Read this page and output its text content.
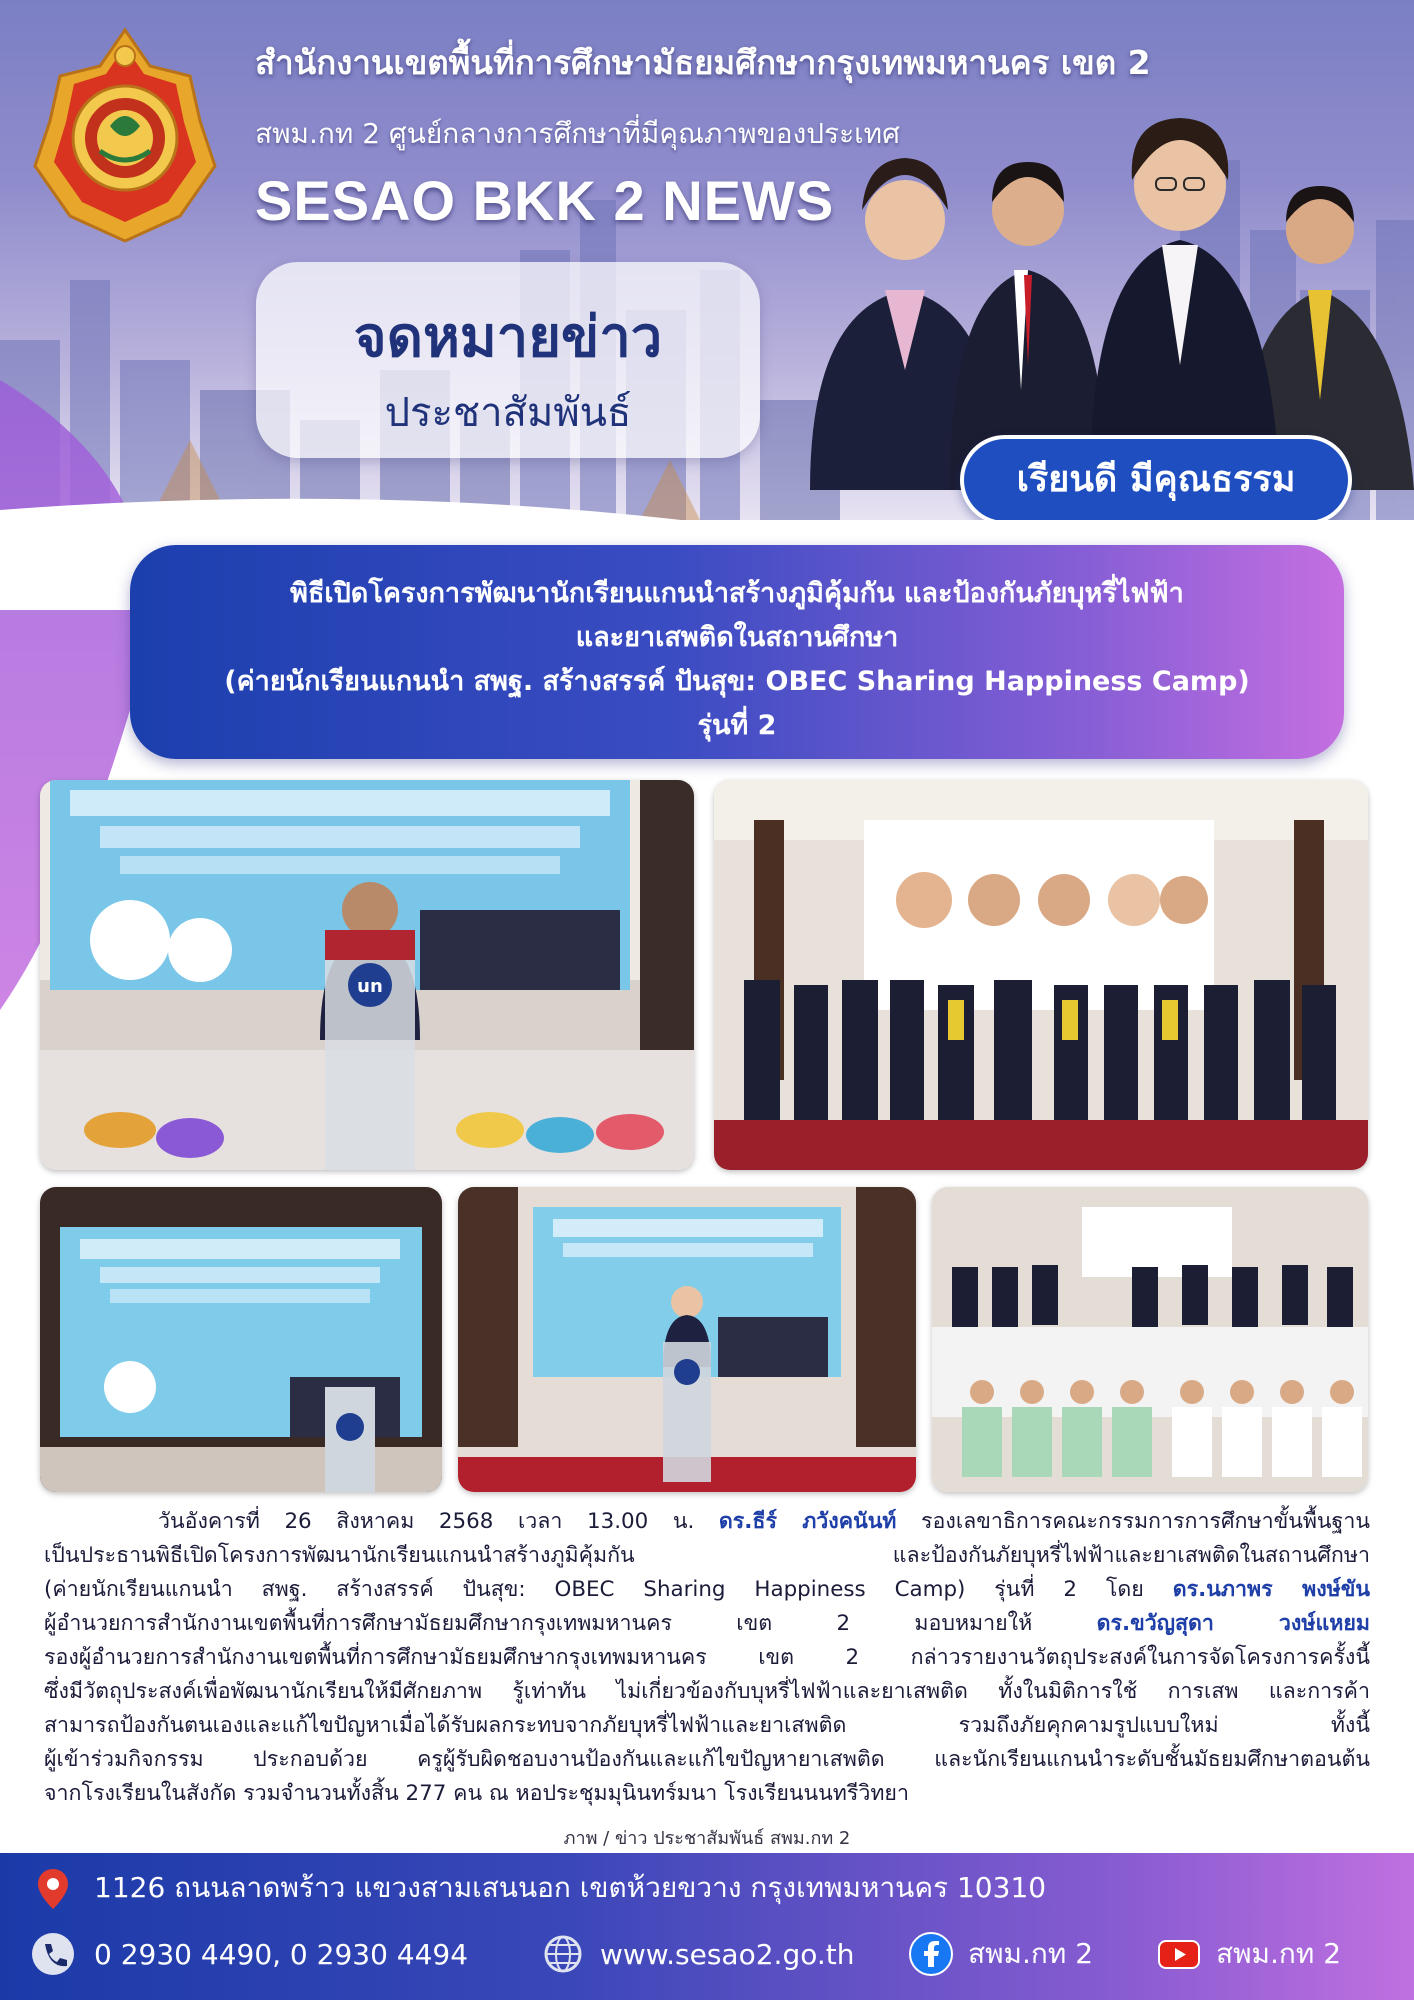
สำนักงานเขตพื้นที่การศึกษามัธยมศึกษากรุงเทพมหานคร เขต 2
สพม.กท 2 ศูนย์กลางการศึกษาที่มีคุณภาพของประเทศ
SESAO BKK 2 NEWS
จดหมายข่าว
ประชาสัมพันธ์
เรียนดี มีคุณธรรม
พิธีเปิดโครงการพัฒนานักเรียนแกนนำสร้างภูมิคุ้มกัน และป้องกันภัยบุหรี่ไฟฟ้า
และยาเสพติดในสถานศึกษา
(ค่ายนักเรียนแกนนำ สพฐ. สร้างสรรค์ ปันสุข: OBEC Sharing Happiness Camp)
รุ่นที่ 2
un

วันอังคารที่ 26 สิงหาคม 2568 เวลา 13.00 น. ดร.ธีร์ ภวังคนันท์ รองเลขาธิการคณะกรรมการการศึกษาขั้นพื้นฐาน

เป็นประธานพิธีเปิดโครงการพัฒนานักเรียนแกนนำสร้างภูมิคุ้มกัน และป้องกันภัยบุหรี่ไฟฟ้าและยาเสพติดในสถานศึกษา

(ค่ายนักเรียนแกนนำ สพฐ. สร้างสรรค์ ปันสุข: OBEC Sharing Happiness Camp) รุ่นที่ 2 โดย ดร.นภาพร พงษ์ขัน

ผู้อำนวยการสำนักงานเขตพื้นที่การศึกษามัธยมศึกษากรุงเทพมหานคร เขต 2 มอบหมายให้ ดร.ขวัญสุดา วงษ์แหยม

รองผู้อำนวยการสำนักงานเขตพื้นที่การศึกษามัธยมศึกษากรุงเทพมหานคร เขต 2 กล่าวรายงานวัตถุประสงค์ในการจัดโครงการครั้งนี้

ซึ่งมีวัตถุประสงค์เพื่อพัฒนานักเรียนให้มีศักยภาพ รู้เท่าทัน ไม่เกี่ยวข้องกับบุหรี่ไฟฟ้าและยาเสพติด ทั้งในมิติการใช้ การเสพ และการค้า

สามารถป้องกันตนเองและแก้ไขปัญหาเมื่อได้รับผลกระทบจากภัยบุหรี่ไฟฟ้าและยาเสพติด รวมถึงภัยคุกคามรูปแบบใหม่ ทั้งนี้

ผู้เข้าร่วมกิจกรรม ประกอบด้วย ครูผู้รับผิดชอบงานป้องกันและแก้ไขปัญหายาเสพติด และนักเรียนแกนนำระดับชั้นมัธยมศึกษาตอนต้น

จากโรงเรียนในสังกัด รวมจำนวนทั้งสิ้น 277 คน ณ หอประชุมมุนินทร์มนา โรงเรียนนนทรีวิทยา

ภาพ / ข่าว ประชาสัมพันธ์ สพม.กท 2
1126 ถนนลาดพร้าว แขวงสามเสนนอก เขตห้วยขวาง กรุงเทพมหานคร 10310
0 2930 4490, 0 2930 4494	www.sesao2.go.th	สพม.กท 2	สพม.กท 2
